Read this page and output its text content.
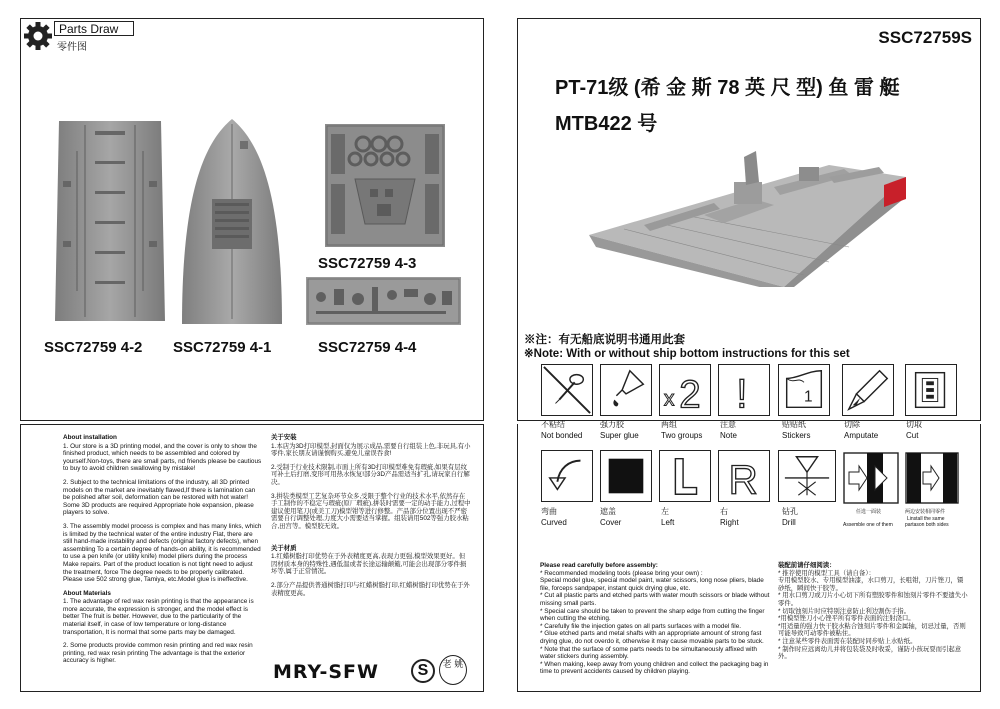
Parts Draw
零件图
SSC72759 4-3
SSC72759 4-2 SSC72759 4-1	SSC72759 4-4
SSC72759S
PT-71级 (希 金 斯 78 英 尺 型) 鱼 雷 艇
MTB422 号
※注：有无船底说明书通用此套
※Note: With or without ship bottom instructions for this set
x 2 !	1
不粘结
Not bonded
强力胶
Super glue
两组
Two groups
注意
Note
贴贴纸
Stickers
切除
Amputate
切取
Cut

About installation

1. Our store is a 3D printing model, and the cover is only to show the finished product, which needs to be assembled and colored by yourself.Non-toys, there are small parts, nd friends please be cautious to buy to avoid children swallowing by mistake!

2. Subject to the technical limitations of the industry, all 3D printed models on the market are inevitably flawed,If there is lamination can be polished after soil, deformation can be restored with hot water! Some 3D products are required Appropriate hole expansion, please players to solve.

3. The assembly model process is complex and has many links, which is limited by the technical water of the entire industry Flat, there are still hand-made instability and defects (original factory defects), when assembling To a certain degree of hands-on ability, it is recommended to use a pen knife (or utility knife) model pliers during the process Make repairs. Part of the product location is not tight need to adjust the treatment, force The degree needs to be properly calibrated. Please use 502 strong glue, Tamiya, etc.Model glue is ineffective.

About Materials

1. The advantage of red wax resin printing is that the appearance is more accurate, the expression is stronger, and the model effect is better The fruit is better. However, due to the particularity of the material itself, in case of low temperature or long-distance transportation, It is normal that some parts may be damaged.

2. Some products provide common resin printing and red wax resin printing, red wax resin printing The advantage is that the exterior accuracy is higher.

关于安装

1.本店为3D打印模型,封面仅为展示成品,需要自行组装上色,非玩具,有小零件,家长朋友请谨慎购买,避免儿童误吞食!

2.受制于行业技术限制,市面上所有3D打印模型难免有瑕疵,如果有层纹可补土后打磨,变形可用热水恢复!部分3D产品需适当扩孔,请玩家自行解决。

3.拼装类模型工艺复杂环节众多,受限于整个行业的技术水平,依然存在手工制作的不稳定与瑕疵(原厂瑕疵),拼装时需要一定的动手能力,过程中建议使用笔刀(或美工刀)模型钳等进行修整。产品部分位置出现不严密需要自行调整处理,力度大小需要适当掌握。组装请用502等强力胶水粘合,田宫等。模型胶无效。

关于材质

1.红蜡树脂打印优势在于外表精度更高,表现力更强,模型效果更好。但因材质本身的特殊性,遇低温或者长途运输颠簸,可能会出现部分零件损坏等,属于正常情况。

2.部分产品提供普通树脂打印与红蜡树脂打印,红蜡树脂打印优势在于外表精度更高。

MRY-SFW	S	老 姚
R
弯曲
Curved
遮盖
Cover
左
Left
右
Right
钻孔
Drill
任选一面装
Assemble one of them
两边安装相同零件
Linstall the same
partason both sides

Please read carefully before assembly:

* Recommended modeling tools (please bring your own) :
Special model glue, special model paint, water scissors, long nose pliers, blade file, forceps sandpaper, instant quick drying glue, etc.
* Cut all plastic parts and etched parts with water mouth scissors or blade without missing small parts.
* Special care should be taken to prevent the sharp edge from cutting the finger when cutting the etching.
* Carefully file the injection gates on all parts surfaces with a model file.
* Glue etched parts and metal shafts with an appropriate amount of strong fast drying glue, do not overdo it, otherwise it may cause movable parts to be stuck.
* Note that the surface of some parts needs to be simultaneously affixed with water stickers during assembly.
* When making, keep away from young children and collect the packaging bag in time to prevent accidents caused by children playing.

装配前请仔细阅读：

* 推荐使用的模型工具（请自备）：
专用模型胶水、专用模型油漆，水口剪刀，长咀钳，刀片锉刀，镊砂纸，瞬间快干胶等。
* 用水口剪刀或刀片小心切下所有塑胶零件和蚀刻片零件不要遗失小零件。
* 切取蚀刻片时应特别注意防止利边割伤手指。
*用模型锉刀小心锉平所有零件表面的注射浇口。
*用适量的强力快干胶水粘合蚀刻片零件和金属轴，切忌过量，否则可能导致可动零件被粘住。
* 注意某些零件表面需在装配时同步贴上水贴纸。
* 制作时应远离幼儿并将包装袋及时收妥，谨防小孩玩耍而引起意外。
